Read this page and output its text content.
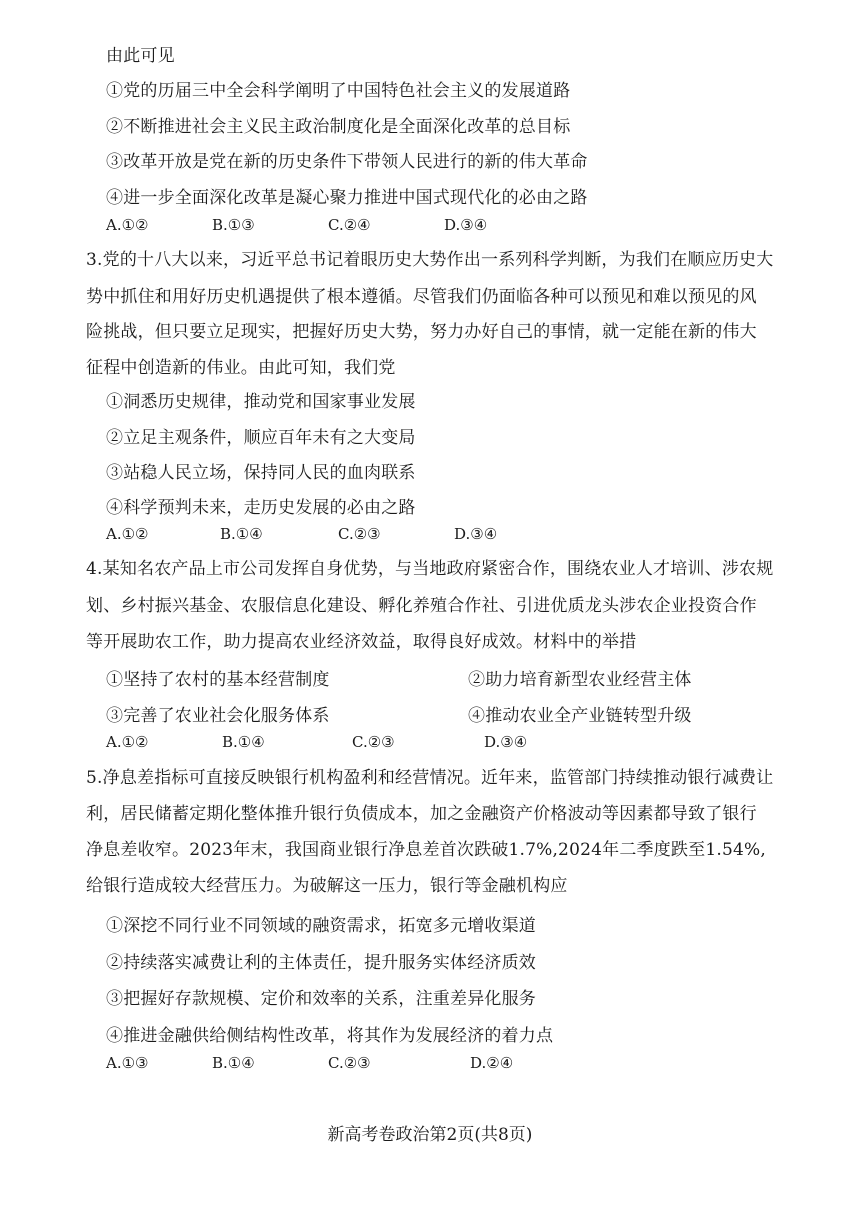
由此可见
①党的历届三中全会科学阐明了中国特色社会主义的发展道路
②不断推进社会主义民主政治制度化是全面深化改革的总目标
③改革开放是党在新的历史条件下带领人民进行的新的伟大革命
④进一步全面深化改革是凝心聚力推进中国式现代化的必由之路
A.①②	B.①③	C.②④	D.③④
3.党的十八大以来，习近平总书记着眼历史大势作出一系列科学判断，为我们在顺应历史大
势中抓住和用好历史机遇提供了根本遵循。尽管我们仍面临各种可以预见和难以预见的风
险挑战，但只要立足现实，把握好历史大势，努力办好自己的事情，就一定能在新的伟大
征程中创造新的伟业。由此可知，我们党
①洞悉历史规律，推动党和国家事业发展
②立足主观条件，顺应百年未有之大变局
③站稳人民立场，保持同人民的血肉联系
④科学预判未来，走历史发展的必由之路
A.①②	B.①④	C.②③	D.③④
4.某知名农产品上市公司发挥自身优势，与当地政府紧密合作，围绕农业人才培训、涉农规
划、乡村振兴基金、农服信息化建设、孵化养殖合作社、引进优质龙头涉农企业投资合作
等开展助农工作，助力提高农业经济效益，取得良好成效。材料中的举措
①坚持了农村的基本经营制度	②助力培育新型农业经营主体
③完善了农业社会化服务体系	④推动农业全产业链转型升级
A.①②	B.①④	C.②③	D.③④
5.净息差指标可直接反映银行机构盈利和经营情况。近年来，监管部门持续推动银行减费让
利，居民储蓄定期化整体推升银行负债成本，加之金融资产价格波动等因素都导致了银行
净息差收窄。2023年末，我国商业银行净息差首次跌破1.7%,2024年二季度跌至1.54%,
给银行造成较大经营压力。为破解这一压力，银行等金融机构应
①深挖不同行业不同领域的融资需求，拓宽多元增收渠道
②持续落实减费让利的主体责任，提升服务实体经济质效
③把握好存款规模、定价和效率的关系，注重差异化服务
④推进金融供给侧结构性改革，将其作为发展经济的着力点
A.①③	B.①④	C.②③	D.②④
新高考卷政治第2页(共8页)
